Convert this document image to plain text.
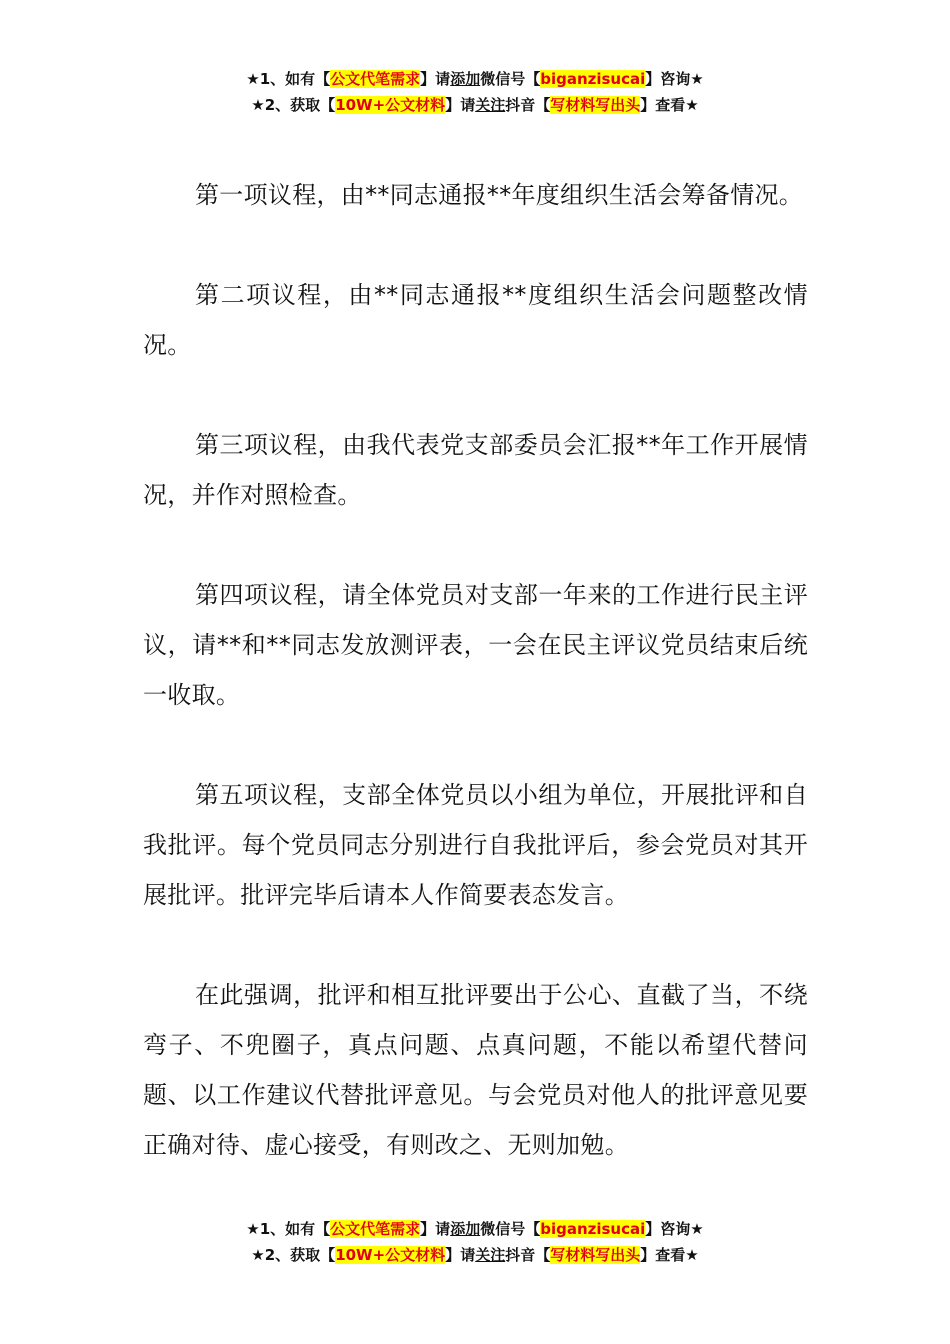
★1、如有【公文代笔需求】请添加微信号【biganzisucai】咨询★
★2、获取【10W+公文材料】请关注抖音【写材料写出头】查看★

第一项议程，由**同志通报**年度组织生活会筹备情况。

第二项议程，由**同志通报**度组织生活会问题整改情况。

第三项议程，由我代表党支部委员会汇报**年工作开展情况，并作对照检查。

第四项议程，请全体党员对支部一年来的工作进行民主评议，请**和**同志发放测评表，一会在民主评议党员结束后统一收取。

第五项议程，支部全体党员以小组为单位，开展批评和自我批评。每个党员同志分别进行自我批评后，参会党员对其开展批评。批评完毕后请本人作简要表态发言。

在此强调，批评和相互批评要出于公心、直截了当，不绕弯子、不兜圈子，真点问题、点真问题，不能以希望代替问题、以工作建议代替批评意见。与会党员对他人的批评意见要正确对待、虚心接受，有则改之、无则加勉。

★1、如有【公文代笔需求】请添加微信号【biganzisucai】咨询★
★2、获取【10W+公文材料】请关注抖音【写材料写出头】查看★
